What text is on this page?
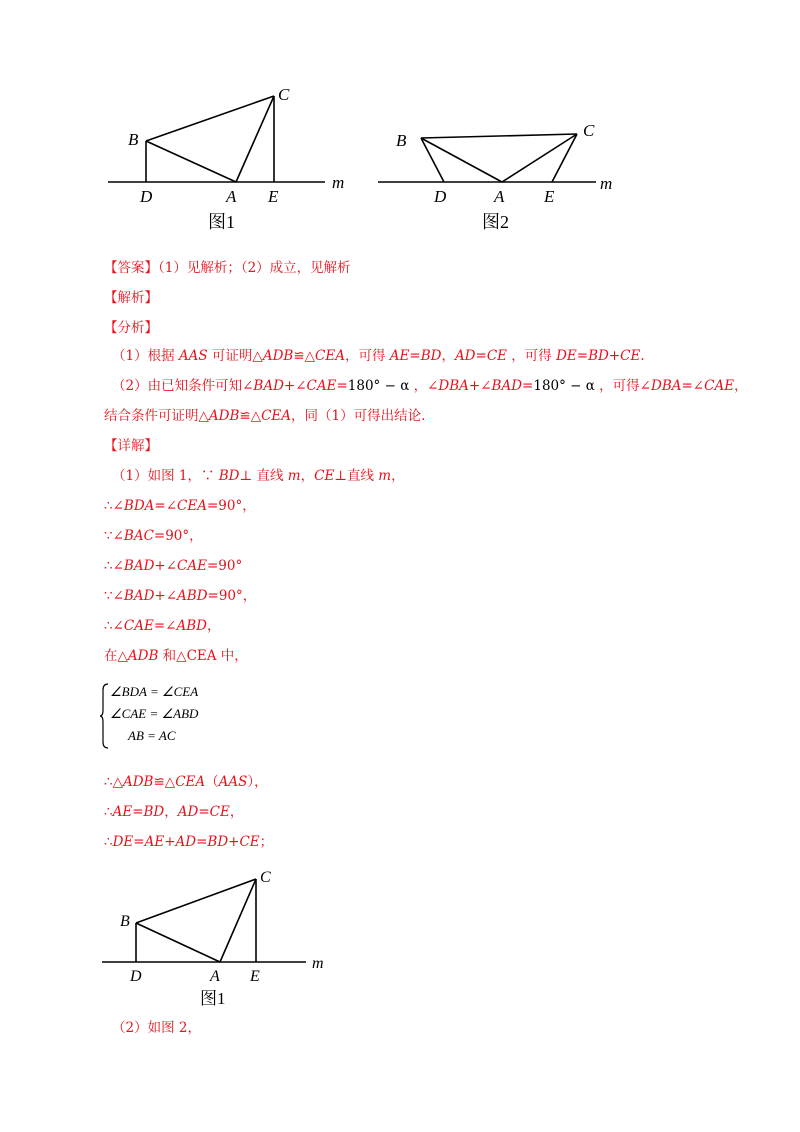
B
C
D	A E
m
图1
B
C
D	A E
m
图2
【答案】（1）见解析；（2）成立，见解析
【解析】
【分析】
（1）根据 AAS 可证明△ADB≌△CEA，可得 AE=BD，AD=CE ，可得 DE=BD+CE.
（2）由已知条件可知∠BAD+∠CAE=180° − α ，∠DBA+∠BAD=180° − α ，可得∠DBA=∠CAE，
结合条件可证明△ADB≌△CEA，同（1）可得出结论.
【详解】
（1）如图 1，∵ BD⊥ 直线 m，CE⊥直线 m，
∴∠BDA=∠CEA=90°，
∵∠BAC=90°，
∴∠BAD+∠CAE=90°
∵∠BAD+∠ABD=90°，
∴∠CAE=∠ABD，
在△ADB 和△CEA 中，
∠BDA = ∠CEA
∠CAE = ∠ABD
AB = AC
∴△ADB≌△CEA（AAS），
∴AE=BD，AD=CE，
∴DE=AE+AD=BD+CE；
B
C
D	A E
m
图1
（2）如图 2，
